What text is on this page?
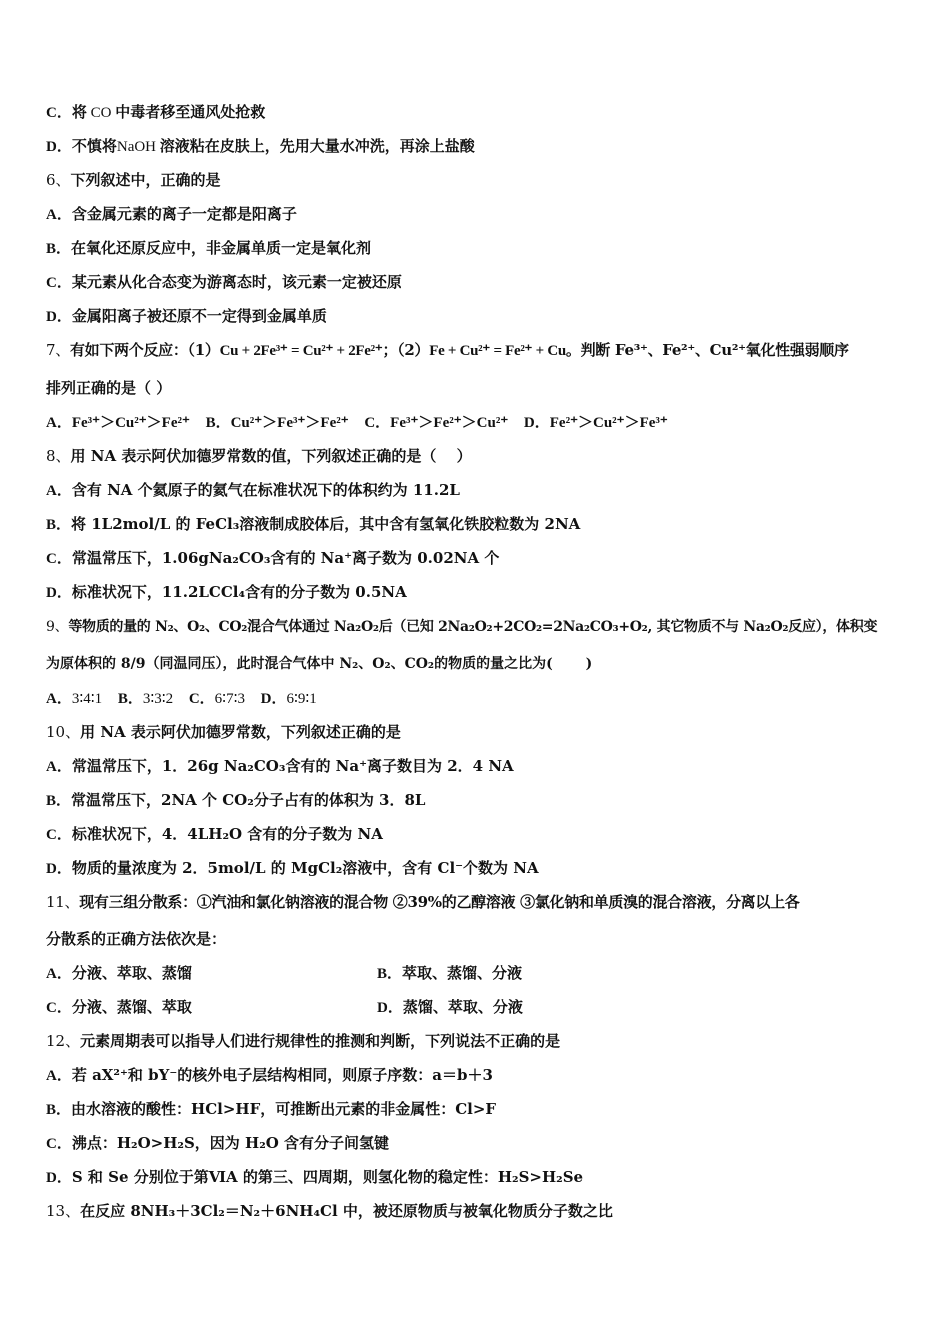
C．将 CO 中毒者移至通风处抢救
D．不慎将NaOH 溶液粘在皮肤上，先用大量水冲洗，再涂上盐酸
6、下列叙述中，正确的是
A．含金属元素的离子一定都是阳离子
B．在氧化还原反应中，非金属单质一定是氧化剂
C．某元素从化合态变为游离态时，该元素一定被还原
D．金属阳离子被还原不一定得到金属单质
7、有如下两个反应：（1）Cu + 2Fe³⁺ = Cu²⁺ + 2Fe²⁺；（2）Fe + Cu²⁺ = Fe²⁺ + Cu。判断 Fe³⁺、Fe²⁺、Cu²⁺氧化性强弱顺序
排列正确的是（ ）
A．Fe³⁺＞Cu²⁺＞Fe²⁺ B．Cu²⁺＞Fe³⁺＞Fe²⁺ C．Fe³⁺＞Fe²⁺＞Cu²⁺ D．Fe²⁺＞Cu²⁺＞Fe³⁺
8、用 NA 表示阿伏加德罗常数的值，下列叙述正确的是（　 ）
A．含有 NA 个氦原子的氦气在标准状况下的体积约为 11.2L
B．将 1L2mol/L 的 FeCl₃溶液制成胶体后，其中含有氢氧化铁胶粒数为 2NA
C．常温常压下，1.06gNa₂CO₃含有的 Na⁺离子数为 0.02NA 个
D．标准状况下，11.2LCCl₄含有的分子数为 0.5NA
9、等物质的量的 N₂、O₂、CO₂混合气体通过 Na₂O₂后（已知 2Na₂O₂+2CO₂=2Na₂CO₃+O₂, 其它物质不与 Na₂O₂反应），体积变
为原体积的 8/9（同温同压），此时混合气体中 N₂、O₂、CO₂的物质的量之比为(　　 )
A．3∶4∶1 B．3∶3∶2 C．6∶7∶3 D．6∶9∶1
10、用 NA 表示阿伏加德罗常数，下列叙述正确的是
A．常温常压下，1．26g Na₂CO₃含有的 Na⁺离子数目为 2．4 NA
B．常温常压下，2NA 个 CO₂分子占有的体积为 3．8L
C．标准状况下，4．4LH₂O 含有的分子数为 NA
D．物质的量浓度为 2．5mol/L 的 MgCl₂溶液中，含有 Cl⁻个数为 NA
11、现有三组分散系：①汽油和氯化钠溶液的混合物 ②39%的乙醇溶液 ③氯化钠和单质溴的混合溶液，分离以上各
分散系的正确方法依次是：
A．分液、萃取、蒸馏	B．萃取、蒸馏、分液
C．分液、蒸馏、萃取	D．蒸馏、萃取、分液
12、元素周期表可以指导人们进行规律性的推测和判断，下列说法不正确的是
A．若 aX²⁺和 bY⁻的核外电子层结构相同，则原子序数：a＝b＋3
B．由水溶液的酸性：HCl>HF，可推断出元素的非金属性：Cl>F
C．沸点：H₂O>H₂S，因为 H₂O 含有分子间氢键
D．S 和 Se 分别位于第ⅥA 的第三、四周期，则氢化物的稳定性：H₂S>H₂Se
13、在反应 8NH₃＋3Cl₂＝N₂＋6NH₄Cl 中，被还原物质与被氧化物质分子数之比
